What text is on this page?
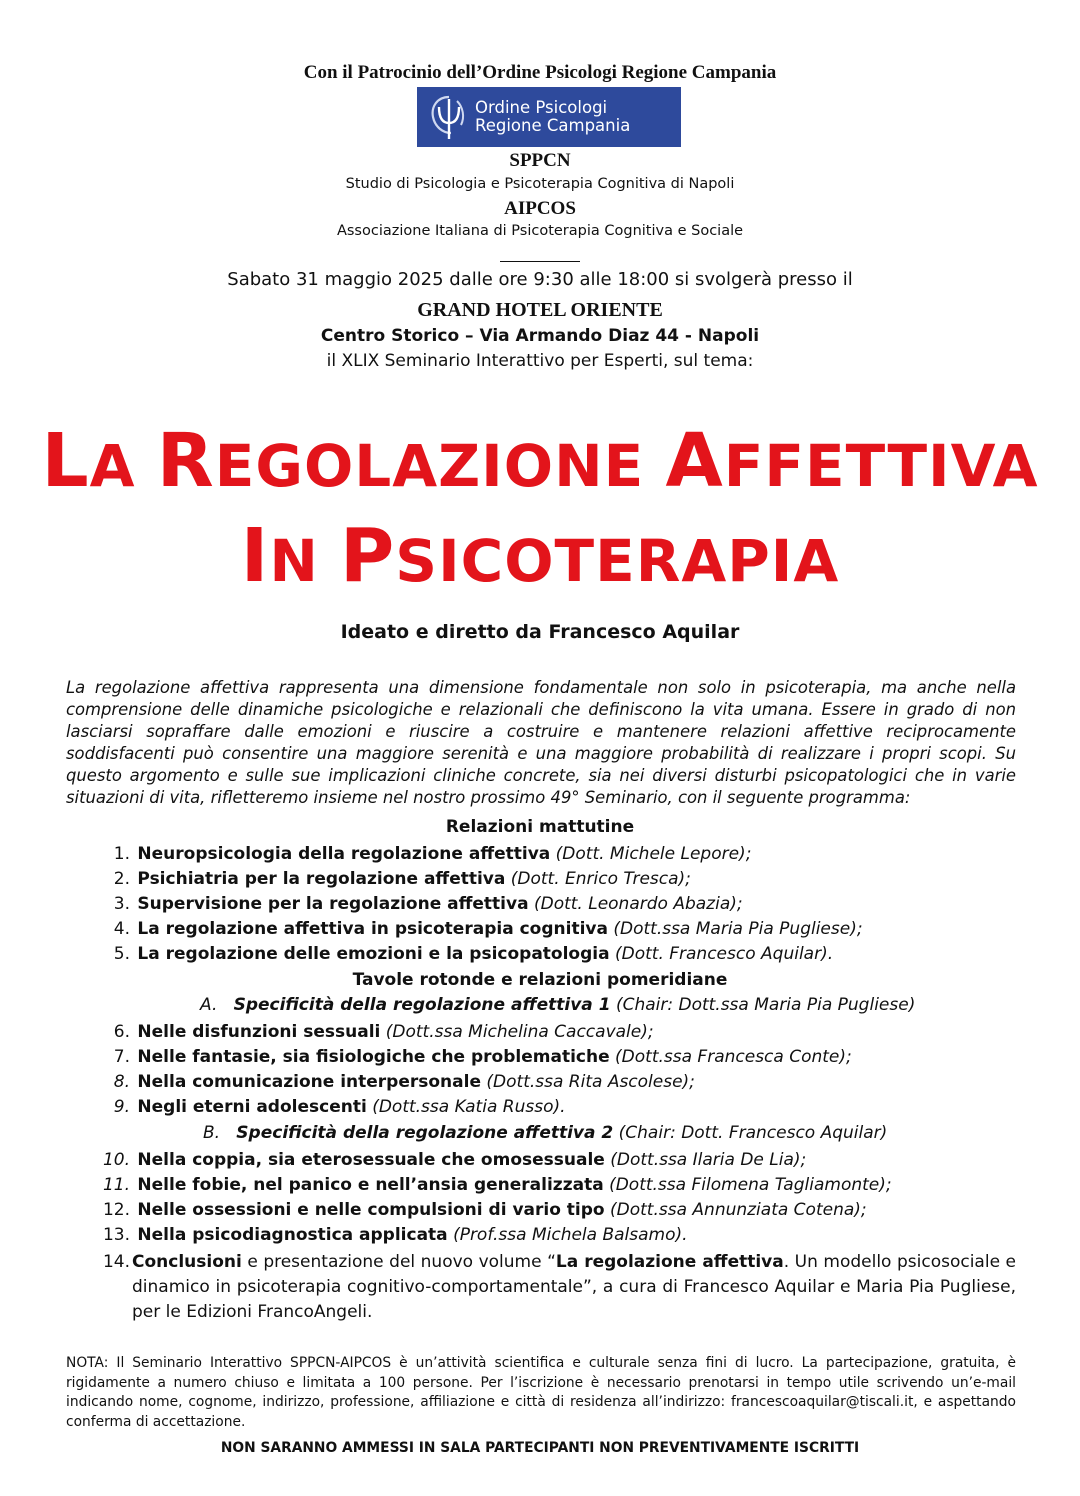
Con il Patrocinio dell’Ordine Psicologi Regione Campania
Ordine Psicologi
Regione Campania
SPPCN
Studio di Psicologia e Psicoterapia Cognitiva di Napoli
AIPCOS
Associazione Italiana di Psicoterapia Cognitiva e Sociale
Sabato 31 maggio 2025 dalle ore 9:30 alle 18:00 si svolgerà presso il
GRAND HOTEL ORIENTE
Centro Storico – Via Armando Diaz 44 - Napoli
il XLIX Seminario Interattivo per Esperti, sul tema:
LA REGOLAZIONE AFFETTIVA
IN PSICOTERAPIA
Ideato e diretto da Francesco Aquilar
La regolazione affettiva rappresenta una dimensione fondamentale non solo in psicoterapia, ma anche nella comprensione delle dinamiche psicologiche e relazionali che definiscono la vita umana. Essere in grado di non lasciarsi sopraffare dalle emozioni e riuscire a costruire e mantenere relazioni affettive reciprocamente soddisfacenti può consentire una maggiore serenità e una maggiore probabilità di realizzare i propri scopi. Su questo argomento e sulle sue implicazioni cliniche concrete, sia nei diversi disturbi psicopatologici che in varie situazioni di vita, rifletteremo insieme nel nostro prossimo 49° Seminario, con il seguente programma:
Relazioni mattutine
1. Neuropsicologia della regolazione affettiva (Dott. Michele Lepore);
2. Psichiatria per la regolazione affettiva (Dott. Enrico Tresca);
3. Supervisione per la regolazione affettiva (Dott. Leonardo Abazia);
4. La regolazione affettiva in psicoterapia cognitiva (Dott.ssa Maria Pia Pugliese);
5. La regolazione delle emozioni e la psicopatologia (Dott. Francesco Aquilar).
Tavole rotonde e relazioni pomeridiane
A. Specificità della regolazione affettiva 1 (Chair: Dott.ssa Maria Pia Pugliese)
6. Nelle disfunzioni sessuali (Dott.ssa Michelina Caccavale);
7. Nelle fantasie, sia fisiologiche che problematiche (Dott.ssa Francesca Conte);
8. Nella comunicazione interpersonale (Dott.ssa Rita Ascolese);
9. Negli eterni adolescenti (Dott.ssa Katia Russo).
B. Specificità della regolazione affettiva 2 (Chair: Dott. Francesco Aquilar)
10. Nella coppia, sia eterosessuale che omosessuale (Dott.ssa Ilaria De Lia);
11. Nelle fobie, nel panico e nell’ansia generalizzata (Dott.ssa Filomena Tagliamonte);
12. Nelle ossessioni e nelle compulsioni di vario tipo (Dott.ssa Annunziata Cotena);
13. Nella psicodiagnostica applicata (Prof.ssa Michela Balsamo).
14. Conclusioni e presentazione del nuovo volume “La regolazione affettiva. Un modello psicosociale e dinamico in psicoterapia cognitivo-comportamentale”, a cura di Francesco Aquilar e Maria Pia Pugliese, per le Edizioni FrancoAngeli.
NOTA: Il Seminario Interattivo SPPCN-AIPCOS è un’attività scientifica e culturale senza fini di lucro. La partecipazione, gratuita, è rigidamente a numero chiuso e limitata a 100 persone. Per l’iscrizione è necessario prenotarsi in tempo utile scrivendo un’e-mail indicando nome, cognome, indirizzo, professione, affiliazione e città di residenza all’indirizzo: francescoaquilar@tiscali.it, e aspettando conferma di accettazione.
NON SARANNO AMMESSI IN SALA PARTECIPANTI NON PREVENTIVAMENTE ISCRITTI
